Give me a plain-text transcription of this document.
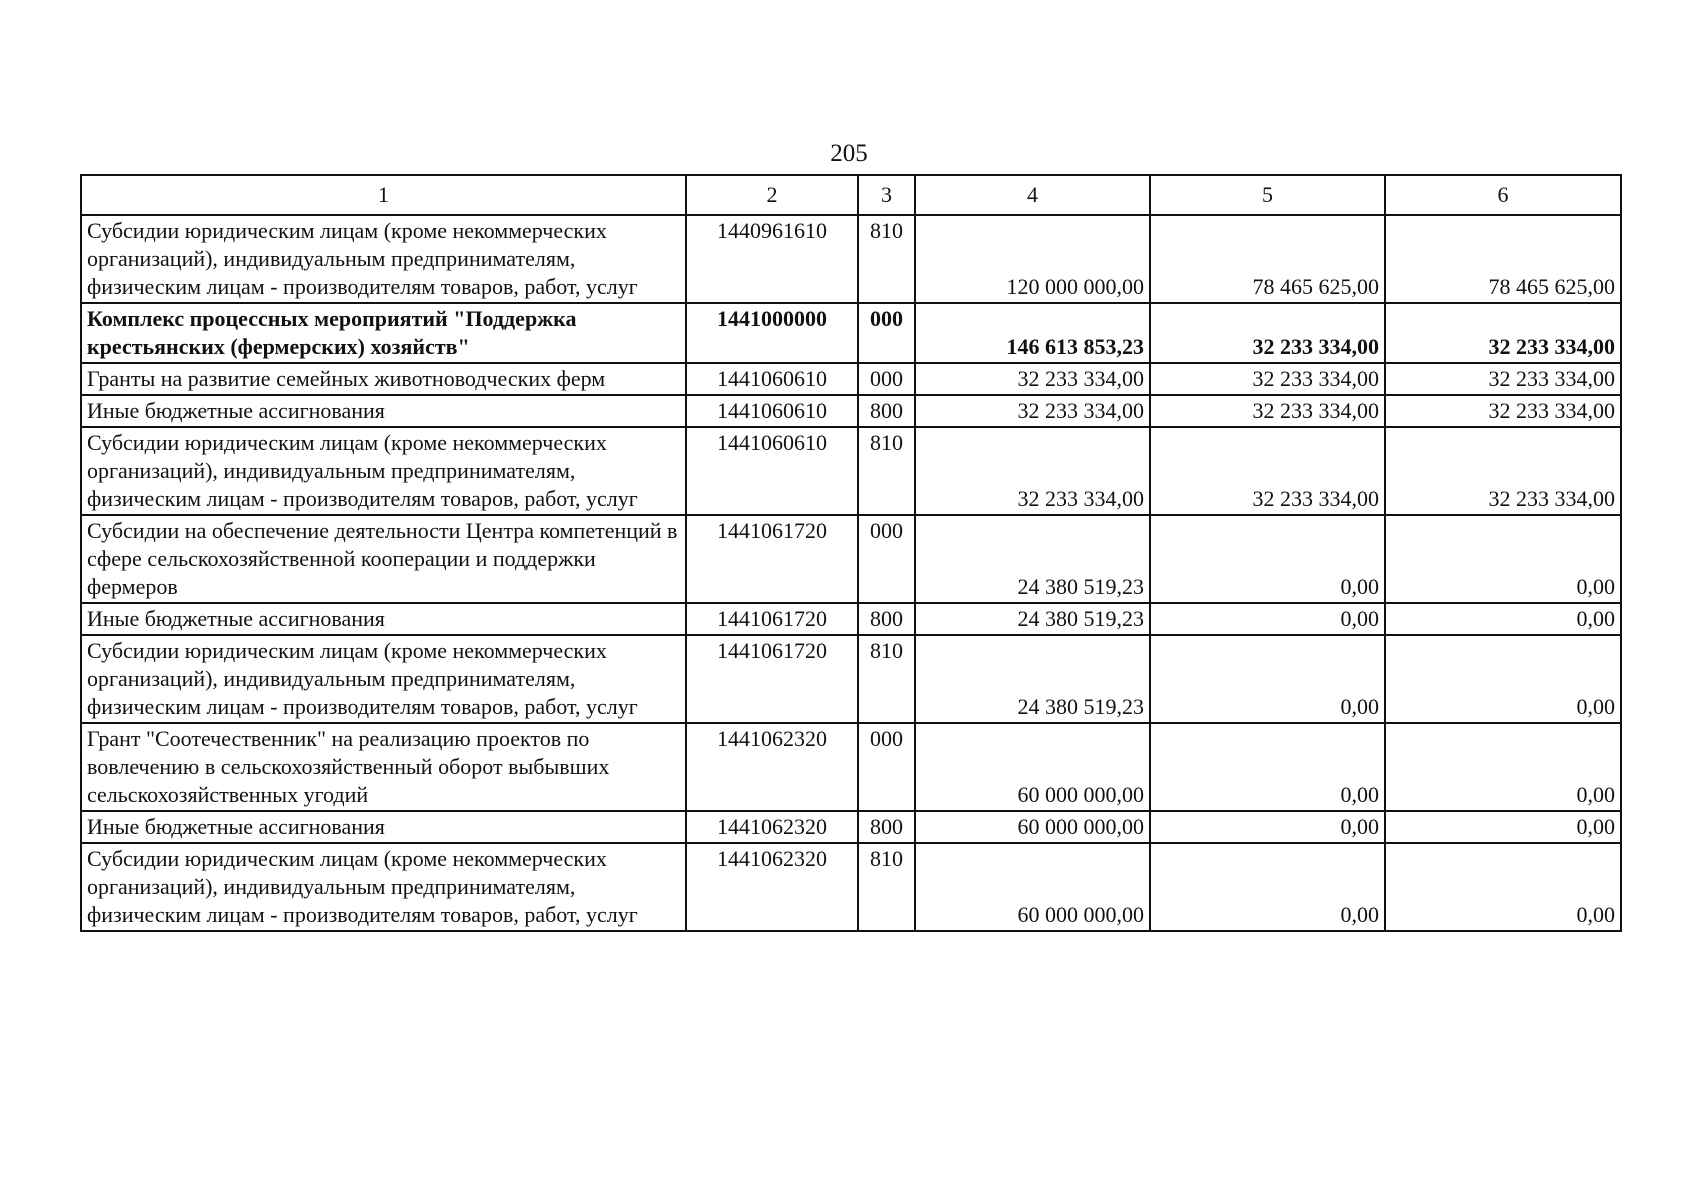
205
1	2	3	4	5	6
Субсидии юридическим лицам (кроме некоммерческих организаций), индивидуальным предпринимателям, физическим лицам - производителям товаров, работ, услуг	1440961610	810	120 000 000,00	78 465 625,00	78 465 625,00
Комплекс процессных мероприятий "Поддержка крестьянских (фермерских) хозяйств"	1441000000	000	146 613 853,23	32 233 334,00	32 233 334,00
Гранты на развитие семейных животноводческих ферм	1441060610	000	32 233 334,00	32 233 334,00	32 233 334,00
Иные бюджетные ассигнования	1441060610	800	32 233 334,00	32 233 334,00	32 233 334,00
Субсидии юридическим лицам (кроме некоммерческих организаций), индивидуальным предпринимателям, физическим лицам - производителям товаров, работ, услуг	1441060610	810	32 233 334,00	32 233 334,00	32 233 334,00
Субсидии на обеспечение деятельности Центра компетенций в сфере сельскохозяйственной кооперации и поддержки фермеров	1441061720	000	24 380 519,23	0,00	0,00
Иные бюджетные ассигнования	1441061720	800	24 380 519,23	0,00	0,00
Субсидии юридическим лицам (кроме некоммерческих организаций), индивидуальным предпринимателям, физическим лицам - производителям товаров, работ, услуг	1441061720	810	24 380 519,23	0,00	0,00
Грант "Соотечественник" на реализацию проектов по вовлечению в сельскохозяйственный оборот выбывших сельскохозяйственных угодий	1441062320	000	60 000 000,00	0,00	0,00
Иные бюджетные ассигнования	1441062320	800	60 000 000,00	0,00	0,00
Субсидии юридическим лицам (кроме некоммерческих организаций), индивидуальным предпринимателям, физическим лицам - производителям товаров, работ, услуг	1441062320	810	60 000 000,00	0,00	0,00
